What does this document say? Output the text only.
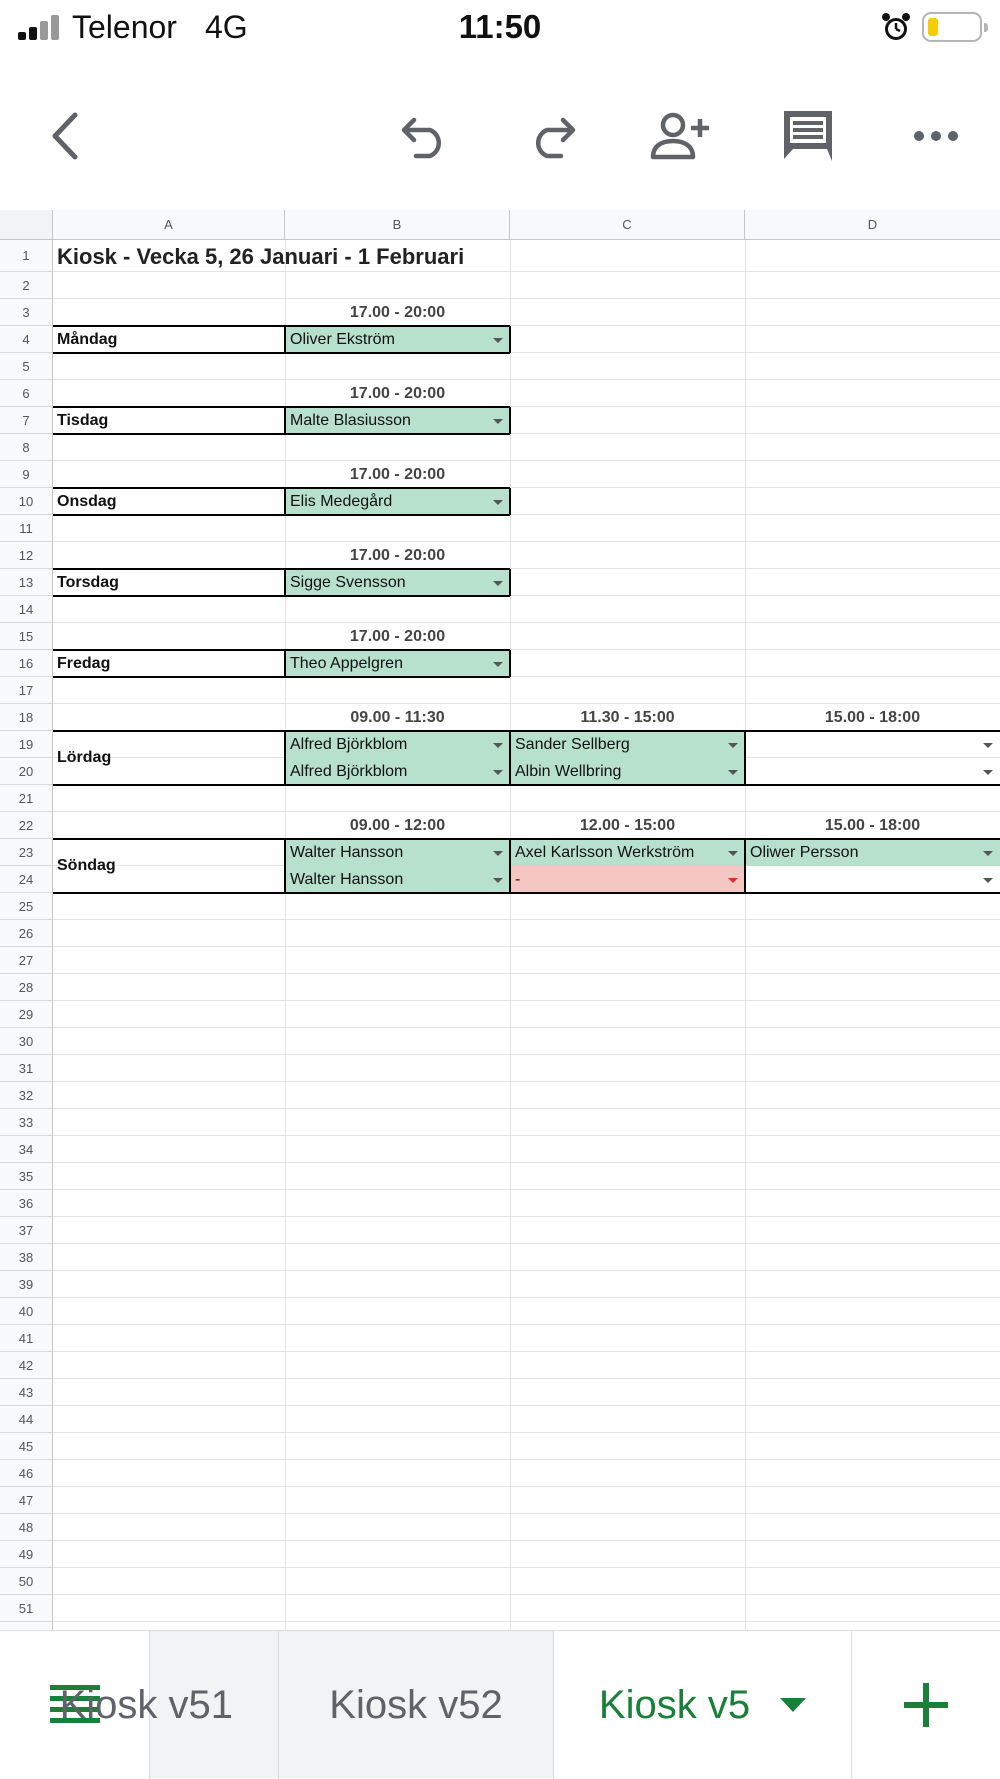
Telenor 4G	11:50
A	B	C	D
1
2
3
4
5
6
7
8
9
10
11
12
13
14
15
16
17
18
19
20
21
22
23
24
25
26
27
28
29
30
31
32
33
34
35
36
37
38
39
40
41
42
43
44
45
46
47
48
49
50
51
Kiosk - Vecka 5, 26 Januari - 1 Februari
17.00 - 20:00
Måndag	Oliver Ekström
17.00 - 20:00
Tisdag	Malte Blasiusson
17.00 - 20:00
Onsdag	Elis Medegård
17.00 - 20:00
Torsdag	Sigge Svensson
17.00 - 20:00
Fredag	Theo Appelgren
09.00 - 11:30	11.30 - 15:00	15.00 - 18:00
Lördag
Alfred Björkblom	Sander Sellberg
Alfred Björkblom	Albin Wellbring
09.00 - 12:00	12.00 - 15:00	15.00 - 18:00
Söndag
Walter Hansson	Axel Karlsson Werkström	Oliwer Persson
Walter Hansson	-
Kiosk v51 Kiosk v52 Kiosk v5
